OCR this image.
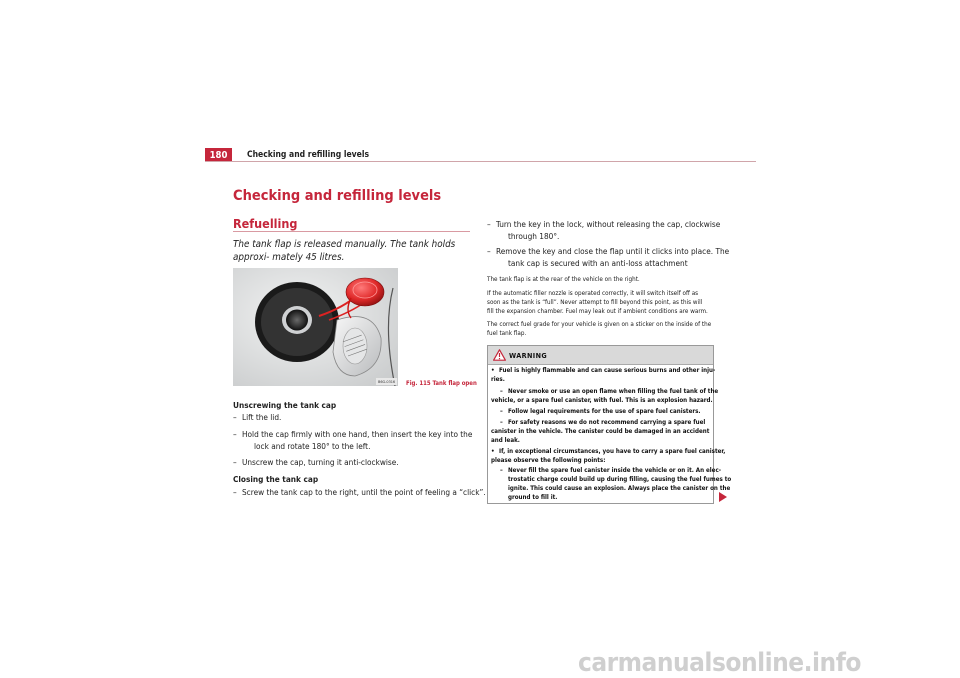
180	Checking and refilling levels
Checking and refilling levels
Refuelling
The tank flap is released manually. The tank holds approxi- mately 45 litres.
B6G-0316	Fig. 115 Tank flap open
Unscrewing the tank cap
– Lift the lid.
– Hold the cap firmly with one hand, then insert the key into the
lock and rotate 180° to the left.
– Unscrew the cap, turning it anti-clockwise.
Closing the tank cap
– Screw the tank cap to the right, until the point of feeling a “click”.
– Turn the key in the lock, without releasing the cap, clockwise
through 180°.
– Remove the key and close the flap until it clicks into place. The
tank cap is secured with an anti-loss attachment
The tank flap is at the rear of the vehicle on the right.
If the automatic filler nozzle is operated correctly, it will switch itself off as
soon as the tank is “full”. Never attempt to fill beyond this point, as this will
fill the expansion chamber. Fuel may leak out if ambient conditions are warm.
The correct fuel grade for your vehicle is given on a sticker on the inside of the
fuel tank flap.
WARNING
• Fuel is highly flammable and can cause serious burns and other inju-
ries.
– Never smoke or use an open flame when filling the fuel tank of the
vehicle, or a spare fuel canister, with fuel. This is an explosion hazard.
– Follow legal requirements for the use of spare fuel canisters.
– For safety reasons we do not recommend carrying a spare fuel
canister in the vehicle. The canister could be damaged in an accident
and leak.
• If, in exceptional circumstances, you have to carry a spare fuel canister,
please observe the following points:
– Never fill the spare fuel canister inside the vehicle or on it. An elec-
trostatic charge could build up during filling, causing the fuel fumes to
ignite. This could cause an explosion. Always place the canister on the
ground to fill it.
carmanualsonline.info
